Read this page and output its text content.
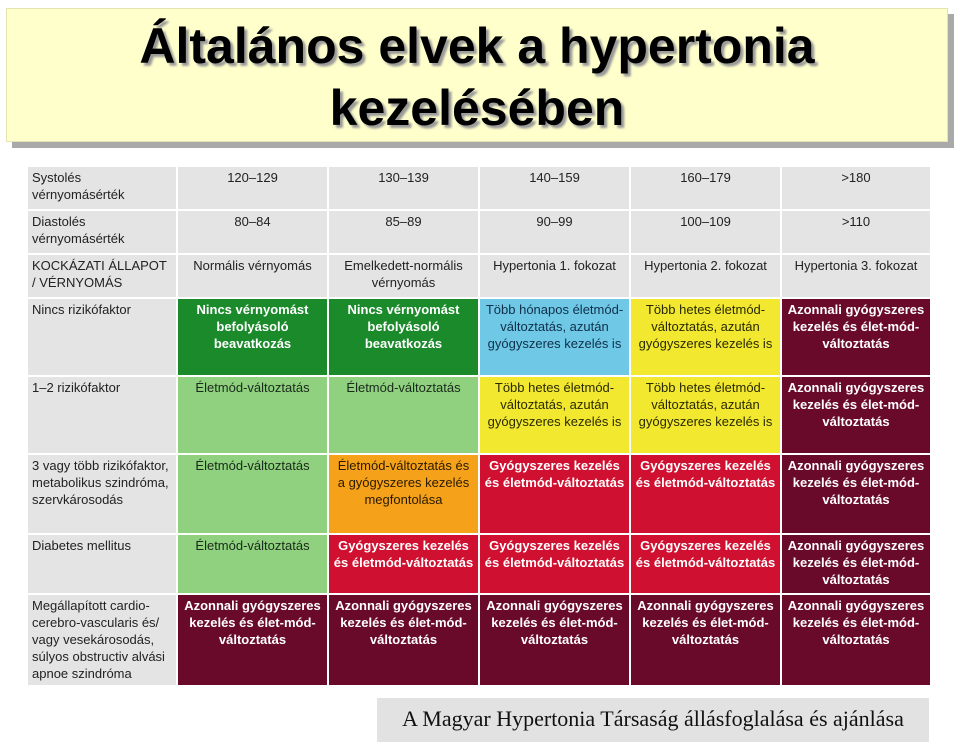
Általános elvek a hypertonia
kezelésében
Systolés vérnyomásérték	120–129	130–139	140–159	160–179	>180
Diastolés vérnyomásérték	80–84	85–89	90–99	100–109	>110
KOCKÁZATI ÁLLAPOT / VÉRNYOMÁS	Normális vérnyomás	Emelkedett-normális vérnyomás	Hypertonia 1. fokozat	Hypertonia 2. fokozat	Hypertonia 3. fokozat
Nincs rizikófaktor	Nincs vérnyomást befolyásoló beavatkozás	Nincs vérnyomást befolyásoló beavatkozás	Több hónapos életmód-változtatás, azután gyógyszeres kezelés is	Több hetes életmód-változtatás, azután gyógyszeres kezelés is	Azonnali gyógyszeres kezelés és élet-mód-változtatás
1–2 rizikófaktor	Életmód-változtatás	Életmód-változtatás	Több hetes életmód-változtatás, azután gyógyszeres kezelés is	Több hetes életmód-változtatás, azután gyógyszeres kezelés is	Azonnali gyógyszeres kezelés és élet-mód-változtatás
3 vagy több rizikófaktor, metabolikus szindróma, szervkárosodás	Életmód-változtatás	Életmód-változtatás és a gyógyszeres kezelés megfontolása	Gyógyszeres kezelés és életmód-változtatás	Gyógyszeres kezelés és életmód-változtatás	Azonnali gyógyszeres kezelés és élet-mód-változtatás
Diabetes mellitus	Életmód-változtatás	Gyógyszeres kezelés és életmód-változtatás	Gyógyszeres kezelés és életmód-változtatás	Gyógyszeres kezelés és életmód-változtatás	Azonnali gyógyszeres kezelés és élet-mód-változtatás
Megállapított cardio-cerebro-vascularis és/ vagy vesekárosodás, súlyos obstructiv alvási apnoe szindróma	Azonnali gyógyszeres kezelés és élet-mód-változtatás	Azonnali gyógyszeres kezelés és élet-mód-változtatás	Azonnali gyógyszeres kezelés és élet-mód-változtatás	Azonnali gyógyszeres kezelés és élet-mód-változtatás	Azonnali gyógyszeres kezelés és élet-mód-változtatás
A Magyar Hypertonia Társaság állásfoglalása és ajánlása
